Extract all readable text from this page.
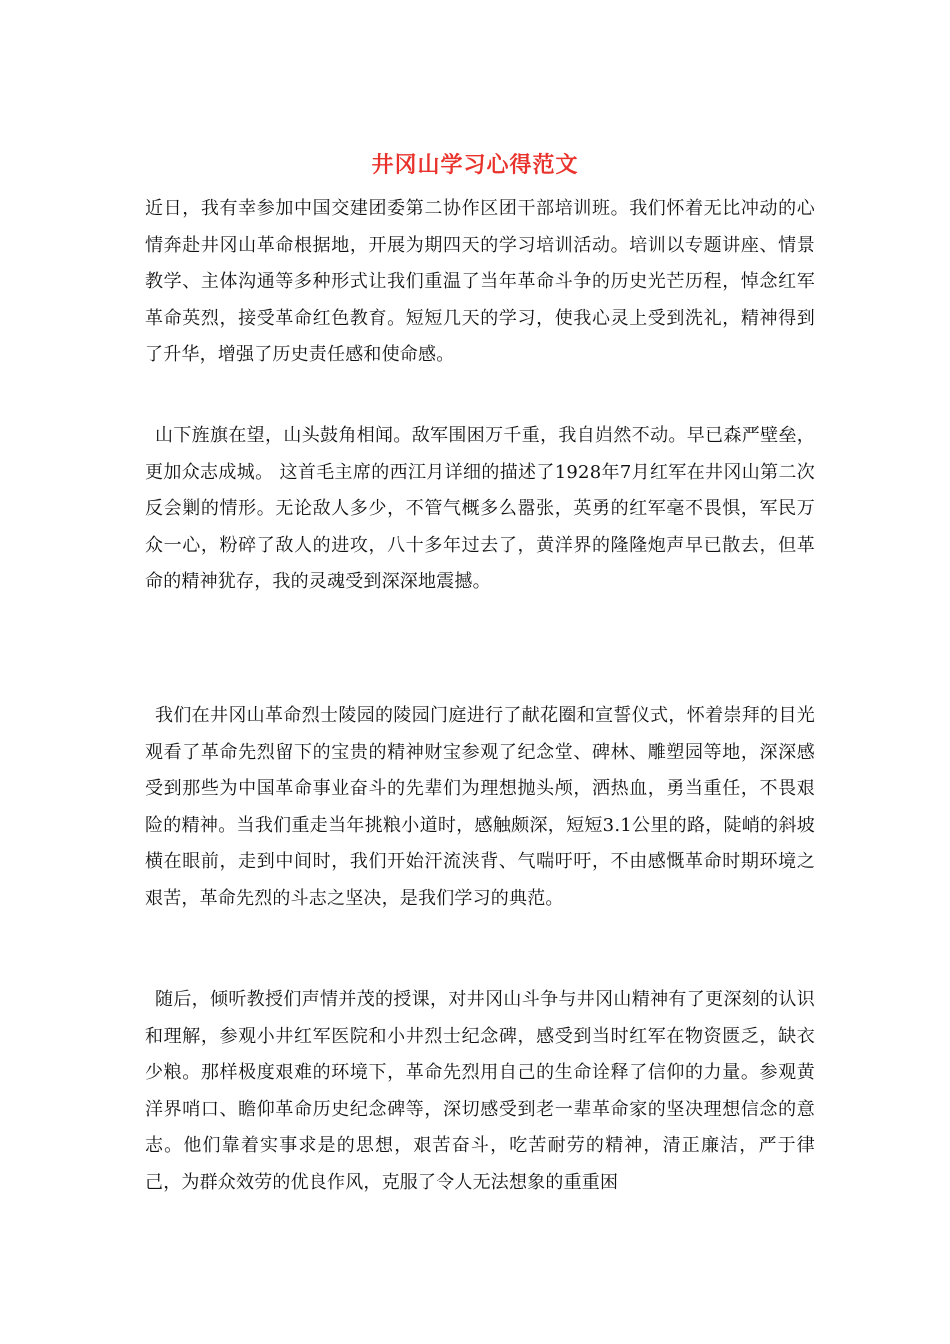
井冈山学习心得范文

近日，我有幸参加中国交建团委第二协作区团干部培训班。我们怀着无比冲动的心情奔赴井冈山革命根据地，开展为期四天的学习培训活动。培训以专题讲座、情景教学、主体沟通等多种形式让我们重温了当年革命斗争的历史光芒历程，悼念红军革命英烈，接受革命红色教育。短短几天的学习，使我心灵上受到洗礼，精神得到了升华，增强了历史责任感和使命感。

山下旌旗在望，山头鼓角相闻。敌军围困万千重，我自岿然不动。早已森严壁垒，更加众志成城。 这首毛主席的西江月详细的描述了1928年7月红军在井冈山第二次反会剿的情形。无论敌人多少，不管气概多么嚣张，英勇的红军毫不畏惧，军民万众一心，粉碎了敌人的进攻，八十多年过去了，黄洋界的隆隆炮声早已散去，但革命的精神犹存，我的灵魂受到深深地震撼。

我们在井冈山革命烈士陵园的陵园门庭进行了献花圈和宣誓仪式，怀着崇拜的目光观看了革命先烈留下的宝贵的精神财宝参观了纪念堂、碑林、雕塑园等地，深深感受到那些为中国革命事业奋斗的先辈们为理想抛头颅，洒热血，勇当重任，不畏艰险的精神。当我们重走当年挑粮小道时，感触颇深，短短3.1公里的路，陡峭的斜坡横在眼前，走到中间时，我们开始汗流浃背、气喘吁吁，不由感慨革命时期环境之艰苦，革命先烈的斗志之坚决，是我们学习的典范。

随后，倾听教授们声情并茂的授课，对井冈山斗争与井冈山精神有了更深刻的认识和理解，参观小井红军医院和小井烈士纪念碑，感受到当时红军在物资匮乏，缺衣少粮。那样极度艰难的环境下，革命先烈用自己的生命诠释了信仰的力量。参观黄洋界哨口、瞻仰革命历史纪念碑等，深切感受到老一辈革命家的坚决理想信念的意志。他们靠着实事求是的思想，艰苦奋斗，吃苦耐劳的精神，清正廉洁，严于律己，为群众效劳的优良作风，克服了令人无法想象的重重困
